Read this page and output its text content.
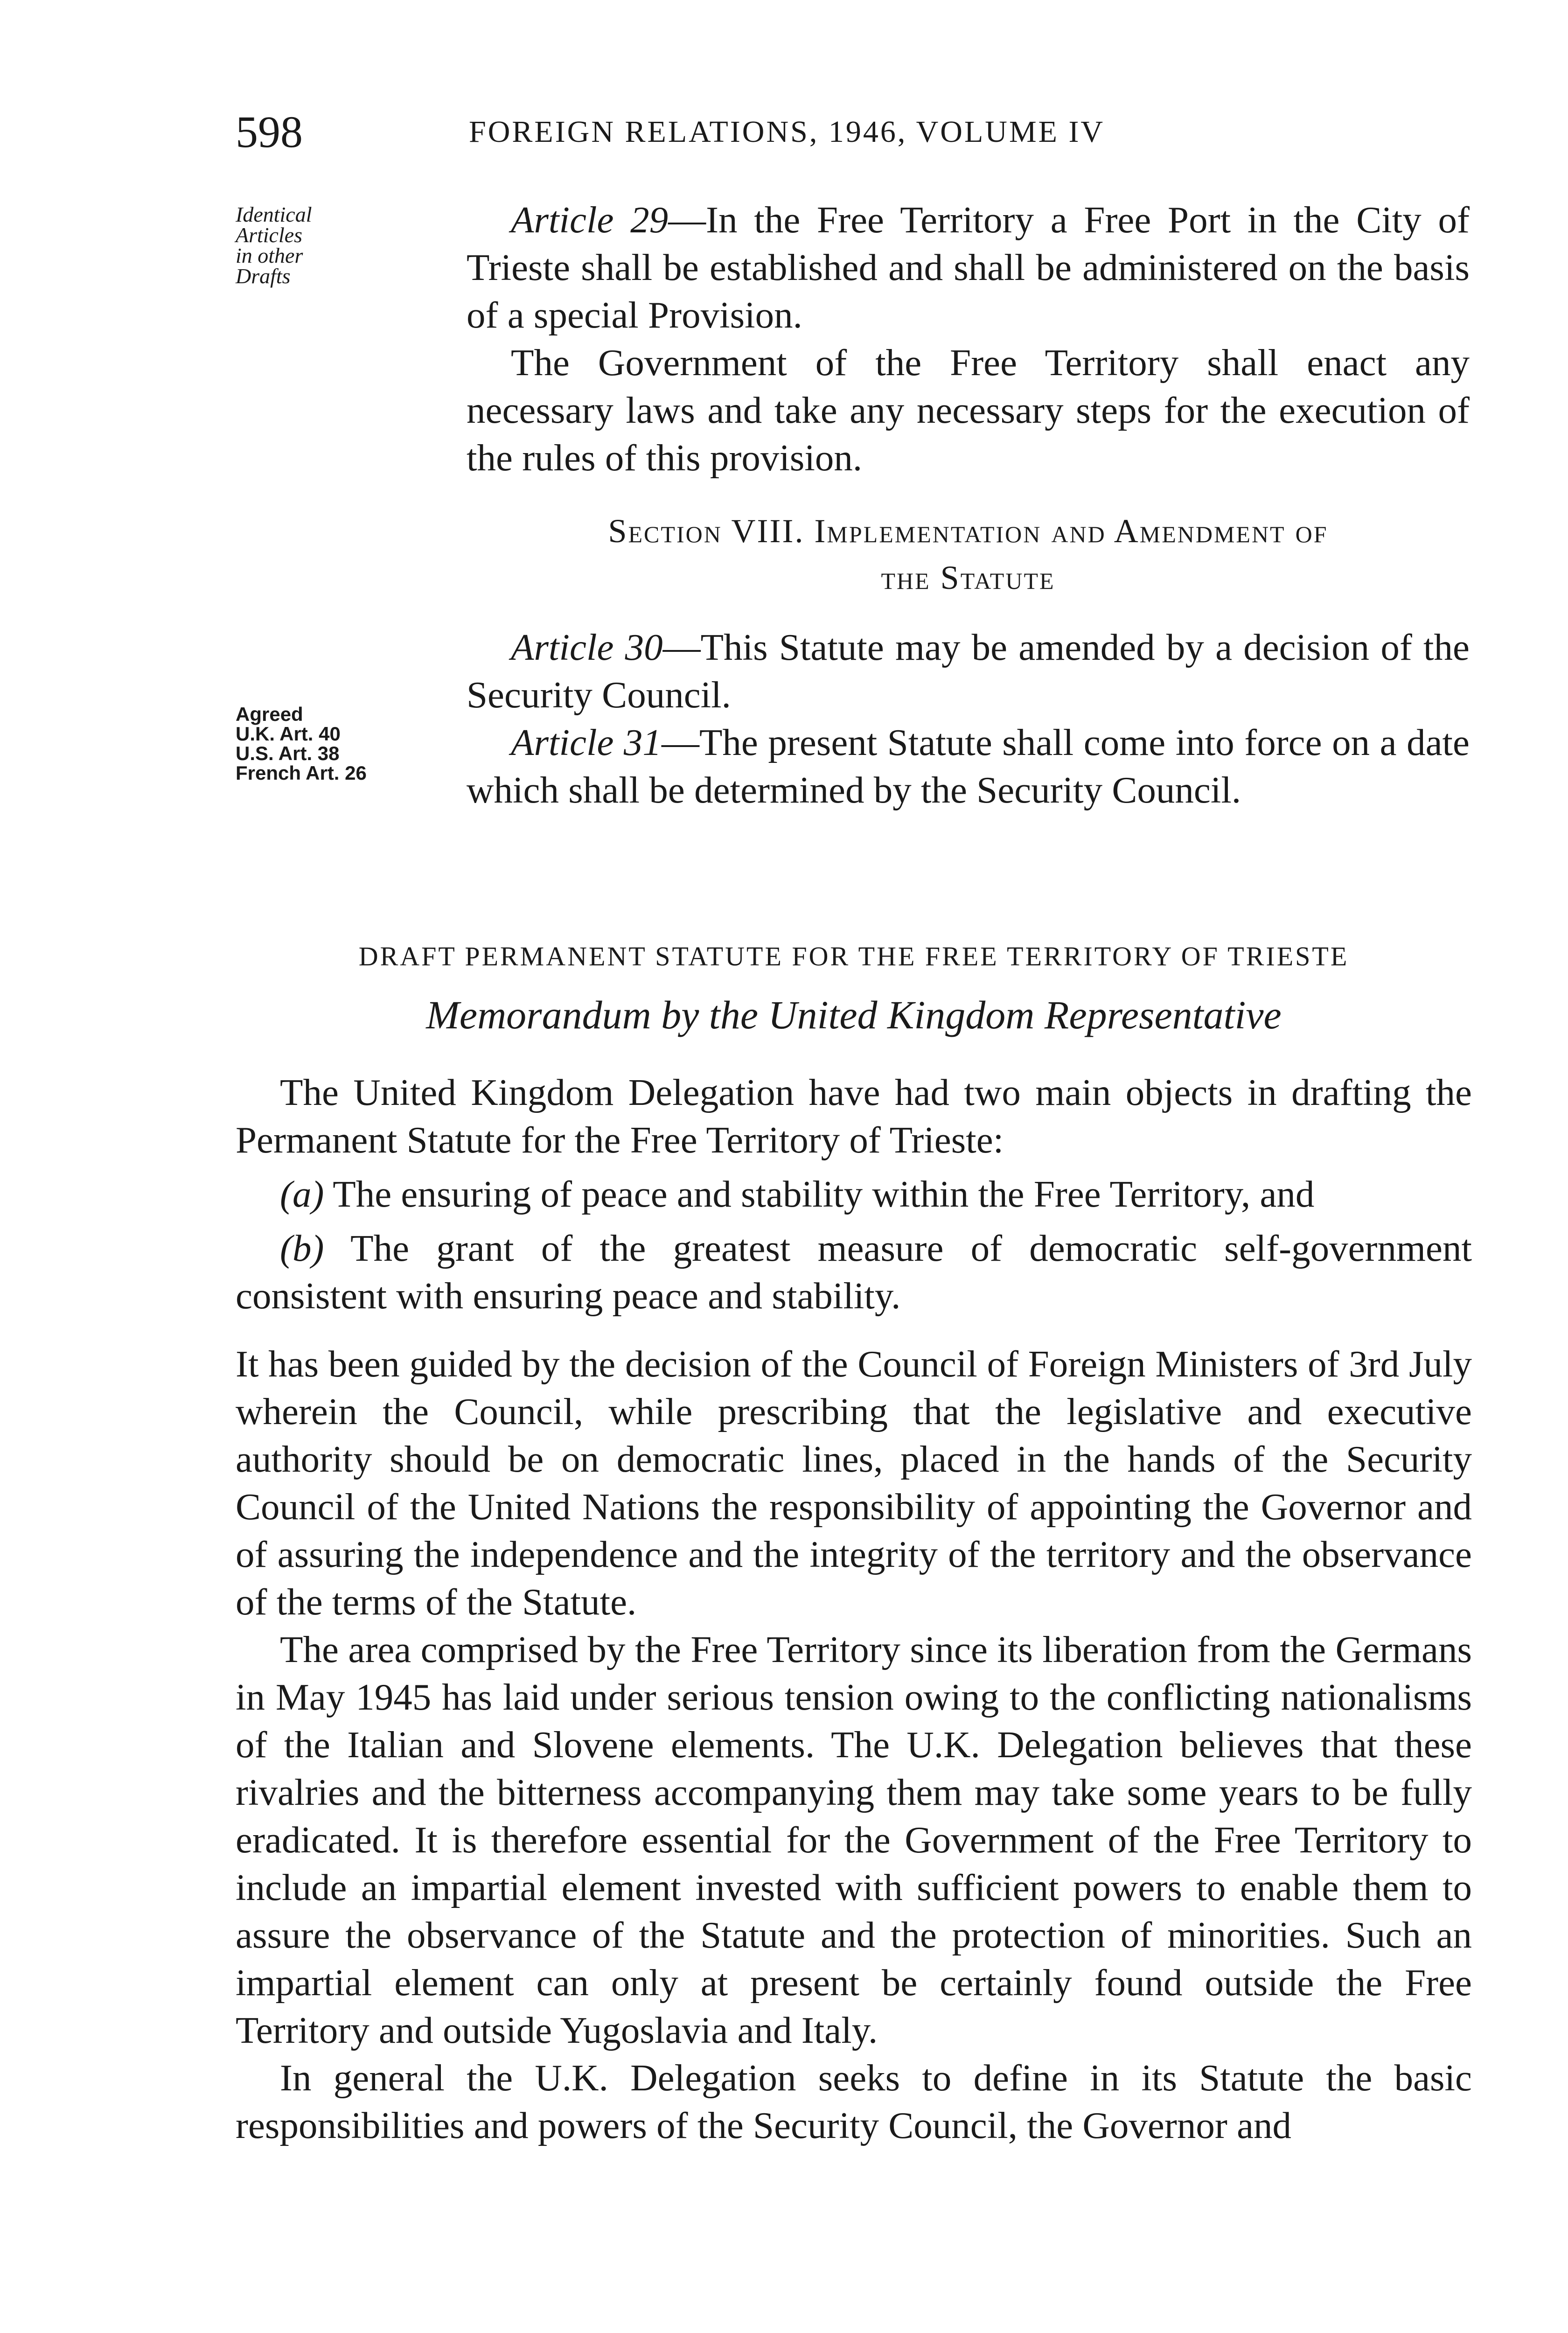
598	FOREIGN RELATIONS, 1946, VOLUME IV
Identical
Articles
in other
Drafts
Agreed
U.K. Art. 40
U.S. Art. 38
French Art. 26

Article 29—In the Free Territory a Free Port in the City of Trieste shall be established and shall be administered on the basis of a special Provision.

The Government of the Free Territory shall enact any necessary laws and take any necessary steps for the execution of the rules of this provision.

Section VIII. Implementation and Amendment of
the Statute

Article 30—This Statute may be amended by a decision of the Security Council.

Article 31—The present Statute shall come into force on a date which shall be determined by the Security Council.

DRAFT PERMANENT STATUTE FOR THE FREE TERRITORY OF TRIESTE

Memorandum by the United Kingdom Representative

The United Kingdom Delegation have had two main objects in drafting the Permanent Statute for the Free Territory of Trieste:

(a) The ensuring of peace and stability within the Free Territory, and

(b) The grant of the greatest measure of democratic self-government consistent with ensuring peace and stability.

It has been guided by the decision of the Council of Foreign Ministers of 3rd July wherein the Council, while prescribing that the legislative and executive authority should be on democratic lines, placed in the hands of the Security Council of the United Nations the responsibility of appointing the Governor and of assuring the independence and the integrity of the territory and the observance of the terms of the Statute.

The area comprised by the Free Territory since its liberation from the Germans in May 1945 has laid under serious tension owing to the conflicting nationalisms of the Italian and Slovene elements. The U.K. Delegation believes that these rivalries and the bitterness accompanying them may take some years to be fully eradicated. It is therefore essential for the Government of the Free Territory to include an impartial element invested with sufficient powers to enable them to assure the observance of the Statute and the protection of minorities. Such an impartial element can only at present be certainly found outside the Free Territory and outside Yugoslavia and Italy.

In general the U.K. Delegation seeks to define in its Statute the basic responsibilities and powers of the Security Council, the Governor and
